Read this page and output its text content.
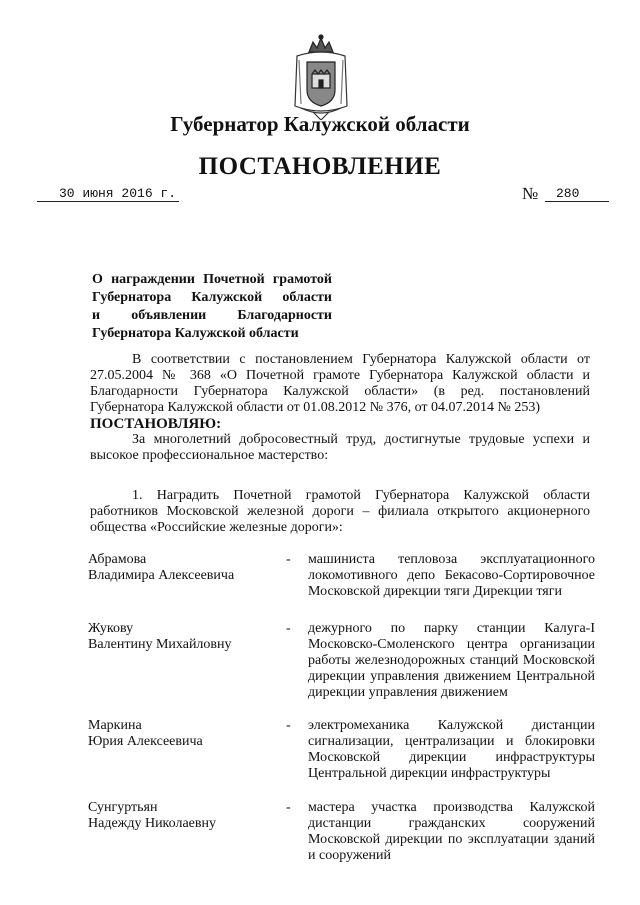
Губернатор Калужской области
ПОСТАНОВЛЕНИЕ
30 июня 2016 г.	№	280
О награждении Почетной грамотой
Губернатора Калужской области
и объявлении Благодарности
Губернатора Калужской области
В соответствии с постановлением Губернатора Калужской области от 27.05.2004 № 368 «О Почетной грамоте Губернатора Калужской области и Благодарности Губернатора Калужской области» (в ред. постановлений Губернатора Калужской области от 01.08.2012 № 376, от 04.07.2014 № 253)
ПОСТАНОВЛЯЮ:
За многолетний добросовестный труд, достигнутые трудовые успехи и высокое профессиональное мастерство:
1. Наградить Почетной грамотой Губернатора Калужской области работников Московской железной дороги – филиала открытого акционерного общества «Российские железные дороги»:
Абрамова
Владимира Алексеевича
- машиниста тепловоза эксплуатационного локомотивного депо Бекасово-Сортировочное Московской дирекции тяги Дирекции тяги
Жукову
Валентину Михайловну
- дежурного по парку станции Калуга-I Московско-Смоленского центра организации работы железнодорожных станций Московской дирекции управления движением Центральной дирекции управления движением
Маркина
Юрия Алексеевича
- электромеханика Калужской дистанции сигнализации, централизации и блокировки Московской дирекции инфраструктуры Центральной дирекции инфраструктуры
Сунгуртьян
Надежду Николаевну
- мастера участка производства Калужской дистанции гражданских сооружений Московской дирекции по эксплуатации зданий и сооружений
